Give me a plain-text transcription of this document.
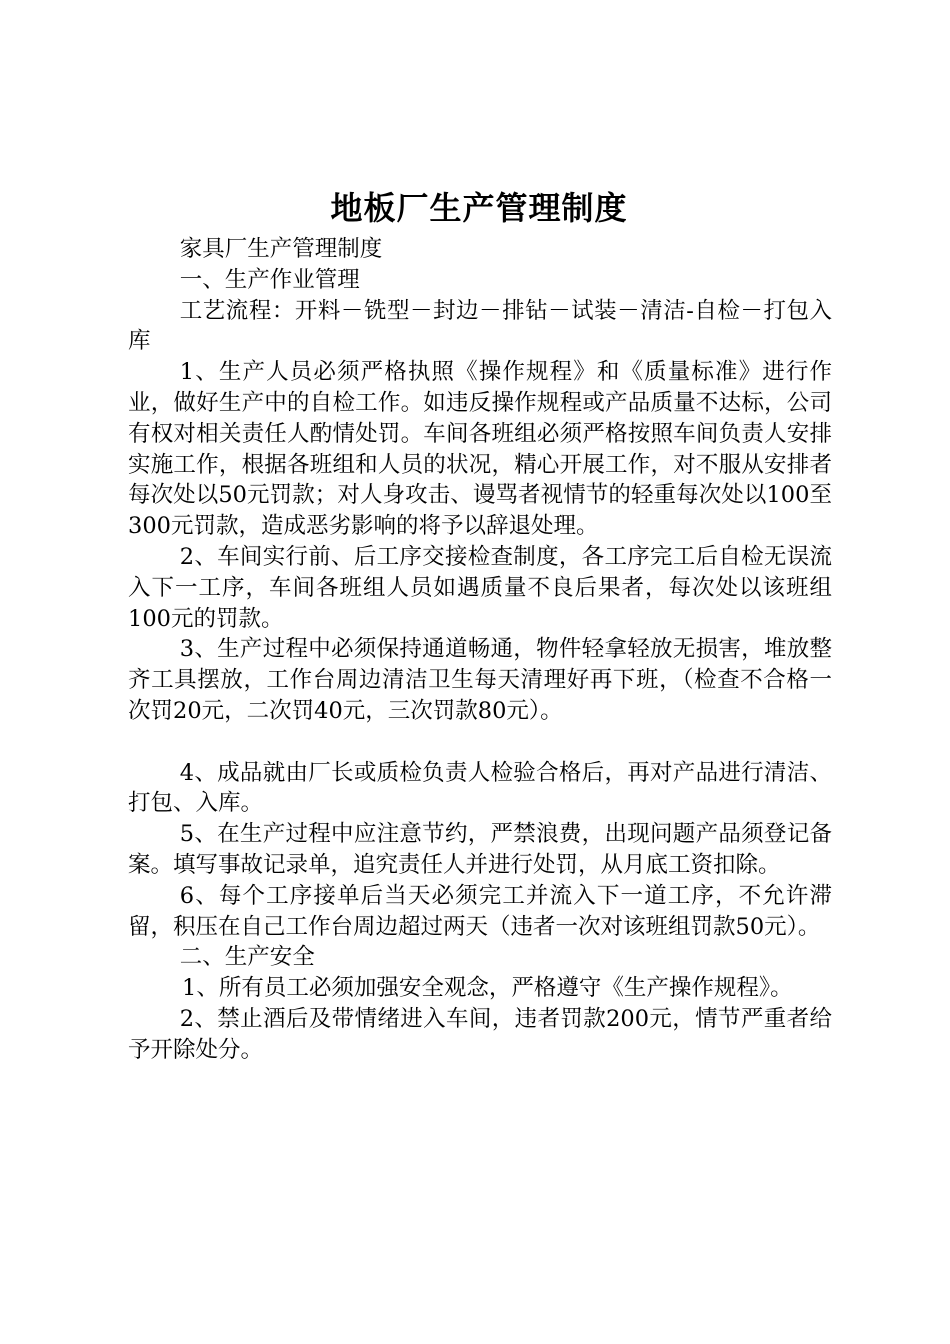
地板厂生产管理制度

家具厂生产管理制度

一、生产作业管理

工艺流程：开料－铣型－封边－排钻－试装－清洁-自检－打包入库

1、生产人员必须严格执照《操作规程》和《质量标准》进行作业，做好生产中的自检工作。如违反操作规程或产品质量不达标，公司有权对相关责任人酌情处罚。车间各班组必须严格按照车间负责人安排实施工作，根据各班组和人员的状况，精心开展工作，对不服从安排者每次处以50元罚款；对人身攻击、谩骂者视情节的轻重每次处以100至300元罚款，造成恶劣影响的将予以辞退处理。

2、车间实行前、后工序交接检查制度，各工序完工后自检无误流入下一工序，车间各班组人员如遇质量不良后果者，每次处以该班组100元的罚款。

3、生产过程中必须保持通道畅通，物件轻拿轻放无损害，堆放整齐工具摆放，工作台周边清洁卫生每天清理好再下班，（检查不合格一次罚20元，二次罚40元，三次罚款80元）。

4、成品就由厂长或质检负责人检验合格后，再对产品进行清洁、打包、入库。

5、在生产过程中应注意节约，严禁浪费，出现问题产品须登记备案。填写事故记录单，追究责任人并进行处罚，从月底工资扣除。

6、每个工序接单后当天必须完工并流入下一道工序，不允许滞留，积压在自己工作台周边超过两天（违者一次对该班组罚款50元）。

二、生产安全

1、所有员工必须加强安全观念，严格遵守《生产操作规程》。

2、禁止酒后及带情绪进入车间，违者罚款200元，情节严重者给予开除处分。
